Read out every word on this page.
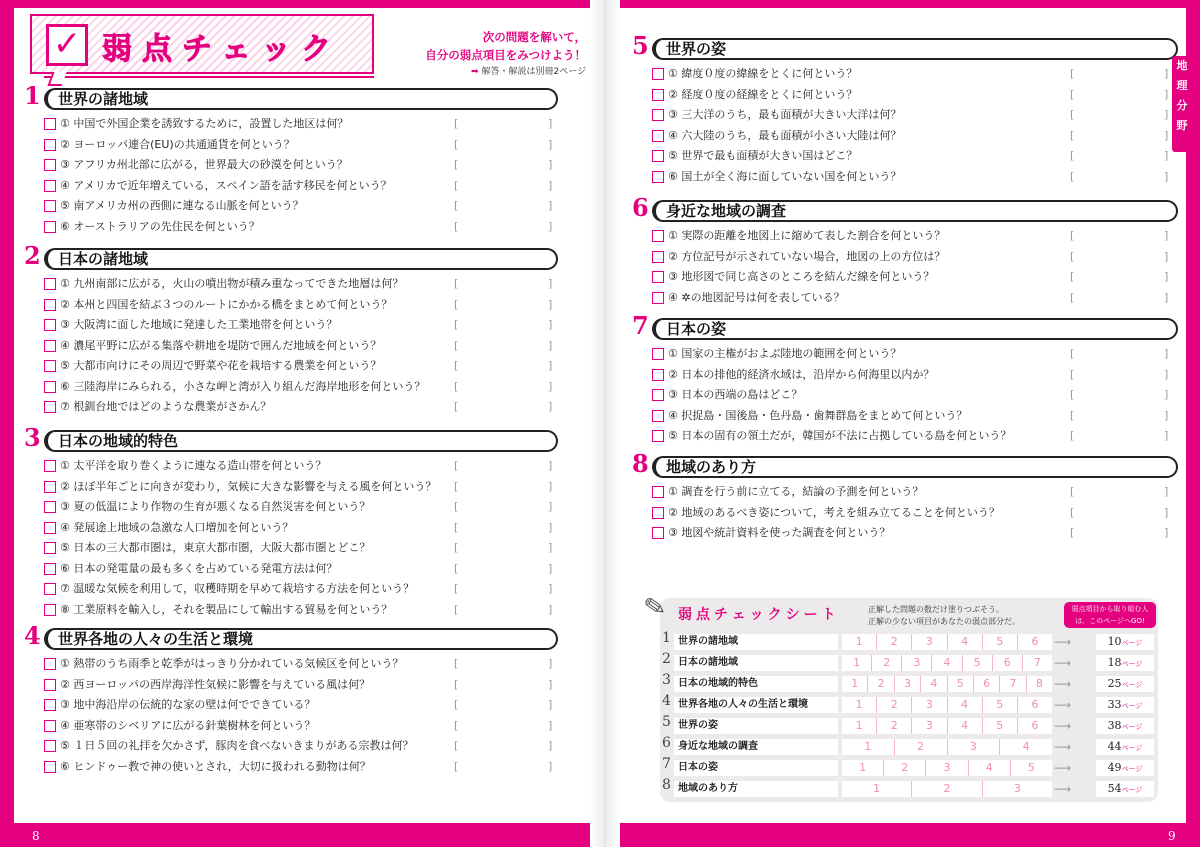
8	9
✓ 弱点チェック	次の問題を解いて，
自分の弱点項目をみつけよう！
➡ 解答・解説は別冊2ページ
1 世界の諸地域
① 中国で外国企業を誘致するために，設置した地区は何？	[	]
② ヨーロッパ連合(EU)の共通通貨を何という？	[	]
③ アフリカ州北部に広がる，世界最大の砂漠を何という？	[	]
④ アメリカで近年増えている，スペイン語を話す移民を何という？	[	]
⑤ 南アメリカ州の西側に連なる山脈を何という？	[	]
⑥ オーストラリアの先住民を何という？	[	]
2 日本の諸地域
① 九州南部に広がる，火山の噴出物が積み重なってできた地層は何？	[	]
② 本州と四国を結ぶ３つのルートにかかる橋をまとめて何という？	[	]
③ 大阪湾に面した地域に発達した工業地帯を何という？	[	]
④ 濃尾平野に広がる集落や耕地を堤防で囲んだ地域を何という？	[	]
⑤ 大都市向けにその周辺で野菜や花を栽培する農業を何という？	[	]
⑥ 三陸海岸にみられる，小さな岬と湾が入り組んだ海岸地形を何という？	[	]
⑦ 根釧台地ではどのような農業がさかん？	[	]
3 日本の地域的特色
① 太平洋を取り巻くように連なる造山帯を何という？	[	]
② ほぼ半年ごとに向きが変わり，気候に大きな影響を与える風を何という？ [	]
③ 夏の低温により作物の生育が悪くなる自然災害を何という？	[	]
④ 発展途上地域の急激な人口増加を何という？	[	]
⑤ 日本の三大都市圏は，東京大都市圏，大阪大都市圏とどこ？	[	]
⑥ 日本の発電量の最も多くを占めている発電方法は何？	[	]
⑦ 温暖な気候を利用して，収穫時期を早めて栽培する方法を何という？	[	]
⑧ 工業原料を輸入し，それを製品にして輸出する貿易を何という？	[	]
4 世界各地の人々の生活と環境
① 熱帯のうち雨季と乾季がはっきり分かれている気候区を何という？	[	]
② 西ヨーロッパの西岸海洋性気候に影響を与えている風は何？	[	]
③ 地中海沿岸の伝統的な家の壁は何でできている？	[	]
④ 亜寒帯のシベリアに広がる針葉樹林を何という？	[	]
⑤ １日５回の礼拝を欠かさず，豚肉を食べないきまりがある宗教は何？	[	]
⑥ ヒンドゥー教で神の使いとされ，大切に扱われる動物は何？	[	]
5 世界の姿
① 緯度０度の緯線をとくに何という？	[	]
② 経度０度の経線をとくに何という？	[	]
③ 三大洋のうち，最も面積が大きい大洋は何？	[	]
④ 六大陸のうち，最も面積が小さい大陸は何？	[	]
⑤ 世界で最も面積が大きい国はどこ？	[	]
⑥ 国土が全く海に面していない国を何という？	[	]
6 身近な地域の調査
① 実際の距離を地図上に縮めて表した割合を何という？	[	]
② 方位記号が示されていない場合，地図の上の方位は？	[	]
③ 地形図で同じ高さのところを結んだ線を何という？	[	]
④ ✲の地図記号は何を表している？	[	]
7 日本の姿
① 国家の主権がおよぶ陸地の範囲を何という？	[	]
② 日本の排他的経済水域は，沿岸から何海里以内か？	[	]
③ 日本の西端の島はどこ？	[	]
④ 択捉島・国後島・色丹島・歯舞群島をまとめて何という？	[	]
⑤ 日本の固有の領土だが，韓国が不法に占拠している島を何という？	[	]
8 地域のあり方
① 調査を行う前に立てる，結論の予測を何という？	[	]
② 地域のあるべき姿について，考えを組み立てることを何という？	[	]
③ 地図や統計資料を使った調査を何という？	[	]
地
理
分
野
✎ 弱点チェックシート	正解した問題の数だけ塗りつぶそう。
正解の少ない項目があなたの弱点部分だ。
弱点項目から取り組む人
は，このページへGO!
1 世界の諸地域	1	2	3	4	5	6	⟶	10ページ
2 日本の諸地域	1	2	3	4	5	6	7	⟶	18ページ
3 日本の地域的特色	1	2	3	4	5	6	7	8 ⟶	25ページ
4 世界各地の人々の生活と環境	1	2	3	4	5	6	⟶	33ページ
5 世界の姿	1	2	3	4	5	6	⟶	38ページ
6 身近な地域の調査	1	2	3	4	⟶	44ページ
7 日本の姿	1	2	3	4	5	⟶	49ページ
8 地域のあり方	1	2	3	⟶	54ページ
